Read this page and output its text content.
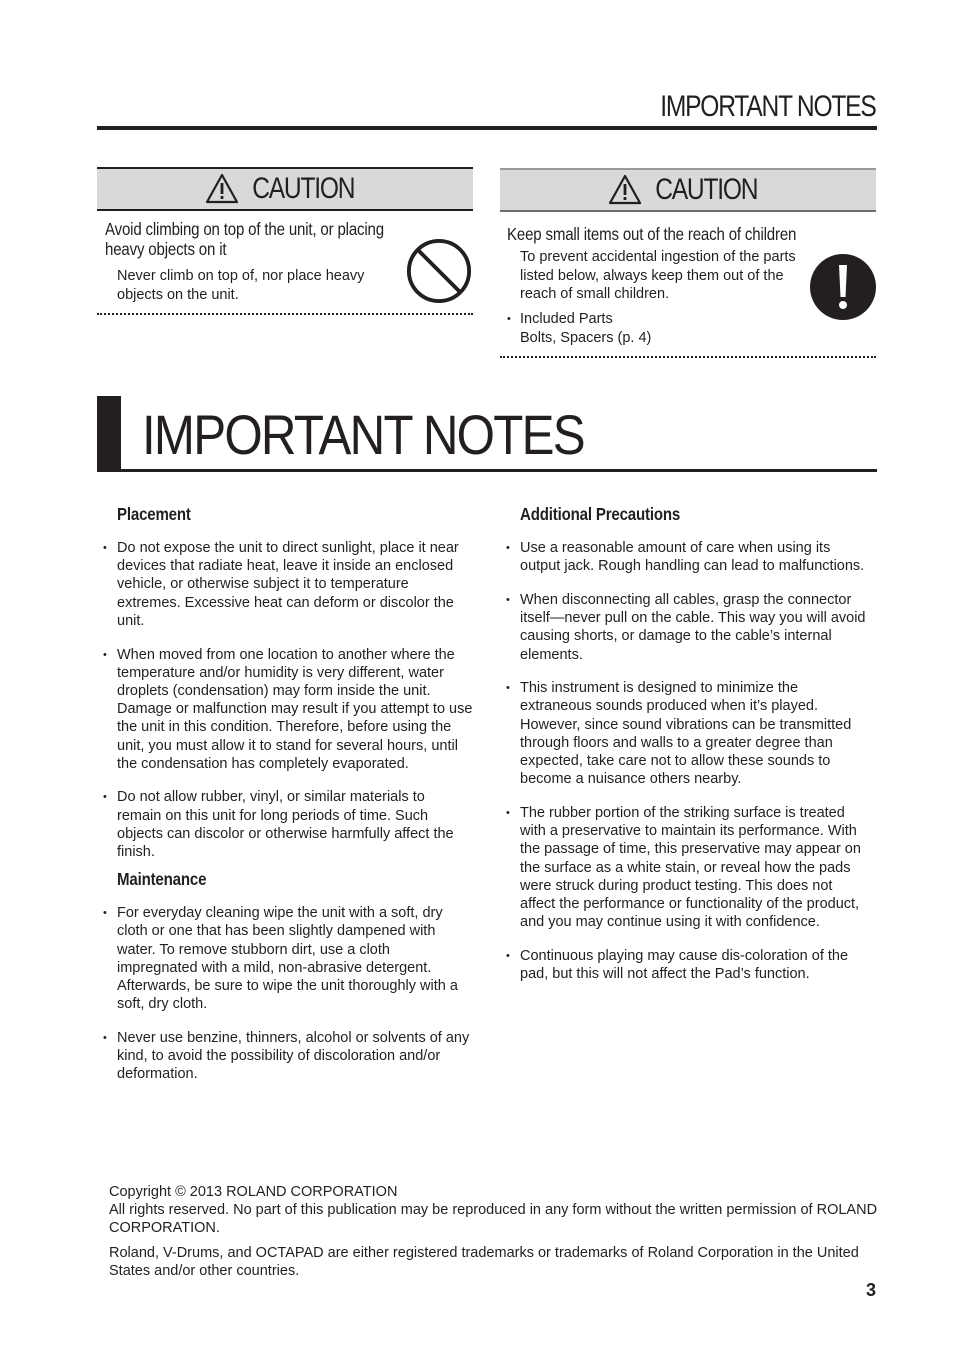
IMPORTANT NOTES
CAUTION
Avoid climbing on top of the unit, or placing heavy objects on it
Never climb on top of, nor place heavy objects on the unit.
CAUTION
Keep small items out of the reach of children
To prevent accidental ingestion of the parts listed below, always keep them out of the reach of small children.
• Included Parts
Bolts, Spacers (p. 4)
IMPORTANT NOTES
Placement
• Do not expose the unit to direct sunlight, place it near devices that radiate heat, leave it inside an enclosed vehicle, or otherwise subject it to temperature extremes. Excessive heat can deform or discolor the unit.
• When moved from one location to another where the temperature and/or humidity is very different, water droplets (condensation) may form inside the unit. Damage or malfunction may result if you attempt to use the unit in this condition. Therefore, before using the unit, you must allow it to stand for several hours, until the condensation has completely evaporated.
• Do not allow rubber, vinyl, or similar materials to remain on this unit for long periods of time. Such objects can discolor or otherwise harmfully affect the finish.
Maintenance
• For everyday cleaning wipe the unit with a soft, dry cloth or one that has been slightly dampened with water. To remove stubborn dirt, use a cloth impregnated with a mild, non-abrasive detergent. Afterwards, be sure to wipe the unit thoroughly with a soft, dry cloth.
• Never use benzine, thinners, alcohol or solvents of any kind, to avoid the possibility of discoloration and/or deformation.
Additional Precautions
• Use a reasonable amount of care when using its output jack. Rough handling can lead to malfunctions.
• When disconnecting all cables, grasp the connector itself—never pull on the cable. This way you will avoid causing shorts, or damage to the cable’s internal elements.
• This instrument is designed to minimize the extraneous sounds produced when it’s played. However, since sound vibrations can be transmitted through floors and walls to a greater degree than expected, take care not to allow these sounds to become a nuisance others nearby.
• The rubber portion of the striking surface is treated with a preservative to maintain its performance. With the passage of time, this preservative may appear on the surface as a white stain, or reveal how the pads were struck during product testing. This does not affect the performance or functionality of the product, and you may continue using it with confidence.
• Continuous playing may cause dis-coloration of the pad, but this will not affect the Pad’s function.

Copyright © 2013 ROLAND CORPORATION
All rights reserved. No part of this publication may be reproduced in any form without the written permission of ROLAND CORPORATION.

Roland, V-Drums, and OCTAPAD are either registered trademarks or trademarks of Roland Corporation in the United States and/or other countries.

3
